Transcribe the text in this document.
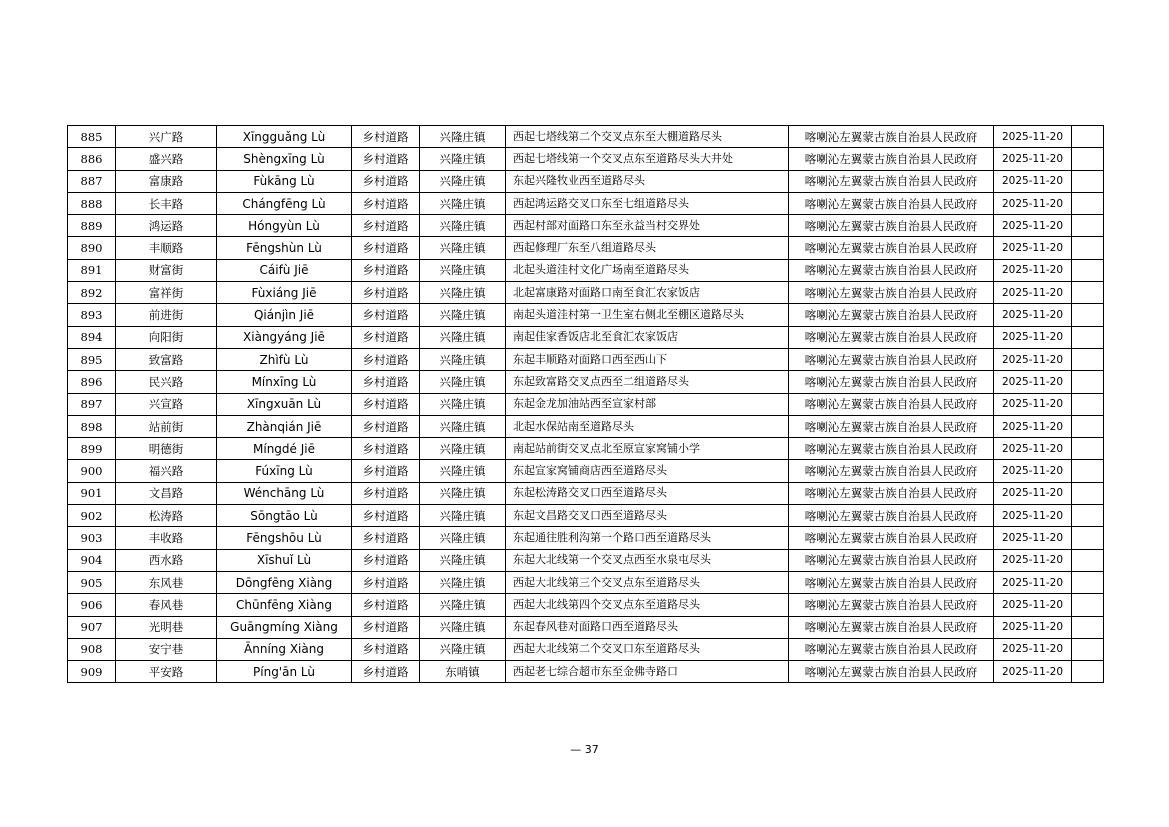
885	兴广路	Xīngguǎng Lù	乡村道路	兴隆庄镇	西起七塔线第二个交叉点东至大棚道路尽头	喀喇沁左翼蒙古族自治县人民政府	2025-11-20	
886	盛兴路	Shèngxīng Lù	乡村道路	兴隆庄镇	西起七塔线第一个交叉点东至道路尽头大井处	喀喇沁左翼蒙古族自治县人民政府	2025-11-20	
887	富康路	Fùkāng Lù	乡村道路	兴隆庄镇	东起兴隆牧业西至道路尽头	喀喇沁左翼蒙古族自治县人民政府	2025-11-20	
888	长丰路	Chángfēng Lù	乡村道路	兴隆庄镇	西起鸿运路交叉口东至七组道路尽头	喀喇沁左翼蒙古族自治县人民政府	2025-11-20	
889	鸿运路	Hóngyùn Lù	乡村道路	兴隆庄镇	西起村部对面路口东至永益当村交界处	喀喇沁左翼蒙古族自治县人民政府	2025-11-20	
890	丰顺路	Fēngshùn Lù	乡村道路	兴隆庄镇	西起修理厂东至八组道路尽头	喀喇沁左翼蒙古族自治县人民政府	2025-11-20	
891	财富街	Cáifù Jiē	乡村道路	兴隆庄镇	北起头道洼村文化广场南至道路尽头	喀喇沁左翼蒙古族自治县人民政府	2025-11-20	
892	富祥街	Fùxiáng Jiē	乡村道路	兴隆庄镇	北起富康路对面路口南至食汇农家饭店	喀喇沁左翼蒙古族自治县人民政府	2025-11-20	
893	前进街	Qiánjìn Jiē	乡村道路	兴隆庄镇	南起头道洼村第一卫生室右侧北至棚区道路尽头	喀喇沁左翼蒙古族自治县人民政府	2025-11-20	
894	向阳街	Xiàngyáng Jiē	乡村道路	兴隆庄镇	南起佳家香饭店北至食汇农家饭店	喀喇沁左翼蒙古族自治县人民政府	2025-11-20	
895	致富路	Zhìfù Lù	乡村道路	兴隆庄镇	东起丰顺路对面路口西至西山下	喀喇沁左翼蒙古族自治县人民政府	2025-11-20	
896	民兴路	Mínxīng Lù	乡村道路	兴隆庄镇	东起致富路交叉点西至二组道路尽头	喀喇沁左翼蒙古族自治县人民政府	2025-11-20	
897	兴宣路	Xīngxuān Lù	乡村道路	兴隆庄镇	东起金龙加油站西至宣家村部	喀喇沁左翼蒙古族自治县人民政府	2025-11-20	
898	站前街	Zhànqián Jiē	乡村道路	兴隆庄镇	北起水保站南至道路尽头	喀喇沁左翼蒙古族自治县人民政府	2025-11-20	
899	明德街	Míngdé Jiē	乡村道路	兴隆庄镇	南起站前街交叉点北至原宣家窝铺小学	喀喇沁左翼蒙古族自治县人民政府	2025-11-20	
900	福兴路	Fúxīng Lù	乡村道路	兴隆庄镇	东起宣家窝铺商店西至道路尽头	喀喇沁左翼蒙古族自治县人民政府	2025-11-20	
901	文昌路	Wénchāng Lù	乡村道路	兴隆庄镇	东起松涛路交叉口西至道路尽头	喀喇沁左翼蒙古族自治县人民政府	2025-11-20	
902	松涛路	Sōngtāo Lù	乡村道路	兴隆庄镇	东起文昌路交叉口西至道路尽头	喀喇沁左翼蒙古族自治县人民政府	2025-11-20	
903	丰收路	Fēngshōu Lù	乡村道路	兴隆庄镇	东起通往胜利沟第一个路口西至道路尽头	喀喇沁左翼蒙古族自治县人民政府	2025-11-20	
904	西水路	Xīshuǐ Lù	乡村道路	兴隆庄镇	东起大北线第一个交叉点西至水泉屯尽头	喀喇沁左翼蒙古族自治县人民政府	2025-11-20	
905	东风巷	Dōngfēng Xiàng	乡村道路	兴隆庄镇	西起大北线第三个交叉点东至道路尽头	喀喇沁左翼蒙古族自治县人民政府	2025-11-20	
906	春风巷	Chūnfēng Xiàng	乡村道路	兴隆庄镇	西起大北线第四个交叉点东至道路尽头	喀喇沁左翼蒙古族自治县人民政府	2025-11-20	
907	光明巷	Guāngmíng Xiàng	乡村道路	兴隆庄镇	东起春风巷对面路口西至道路尽头	喀喇沁左翼蒙古族自治县人民政府	2025-11-20	
908	安宁巷	Ānníng Xiàng	乡村道路	兴隆庄镇	西起大北线第二个交叉口东至道路尽头	喀喇沁左翼蒙古族自治县人民政府	2025-11-20	
909	平安路	Píng'ān Lù	乡村道路	东哨镇	西起老七综合超市东至金佛寺路口	喀喇沁左翼蒙古族自治县人民政府	2025-11-20	
— 37
